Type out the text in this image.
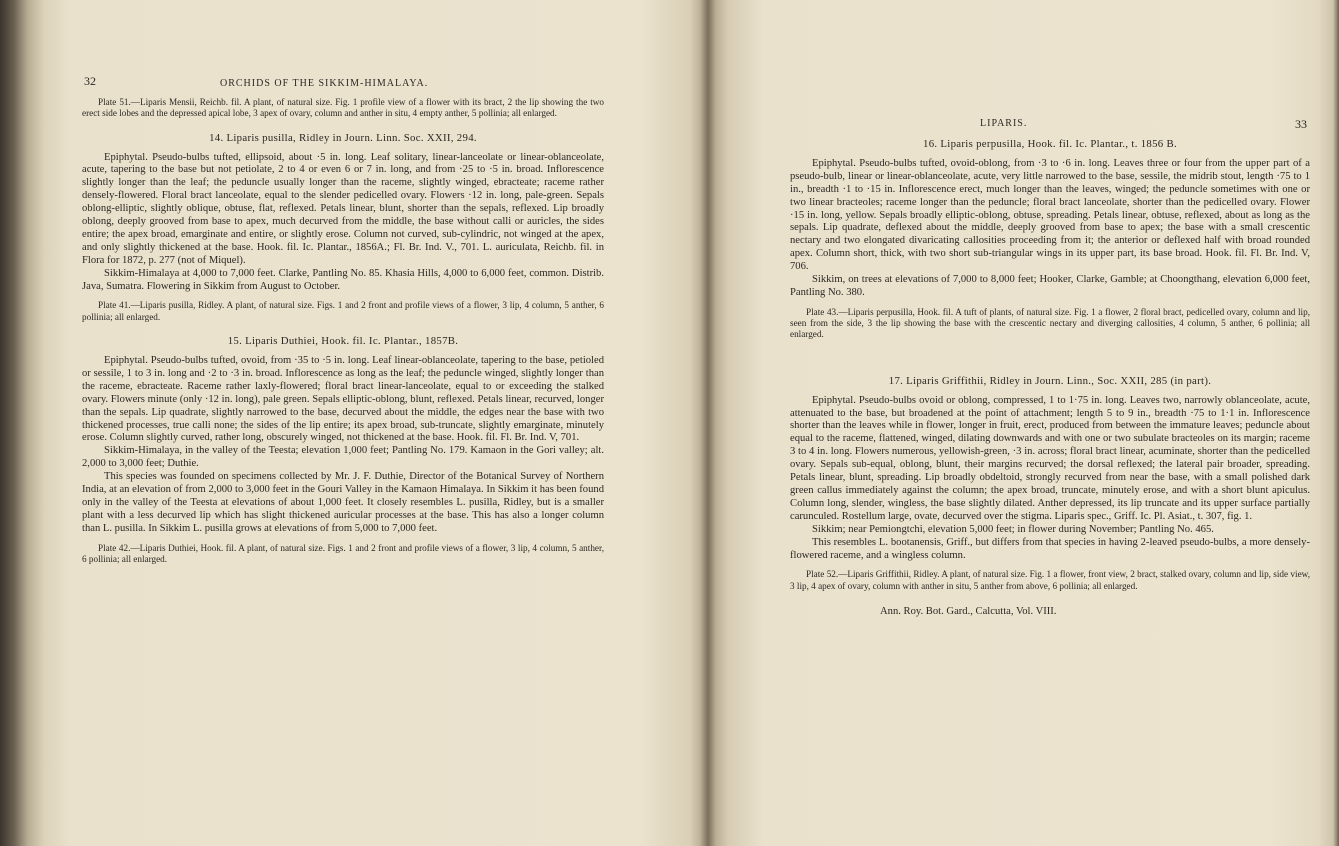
32	ORCHIDS OF THE SIKKIM-HIMALAYA.

Plate 51.—Liparis Mensii, Reichb. fil. A plant, of natural size. Fig. 1 profile view of a flower with its bract, 2 the lip showing the two erect side lobes and the depressed apical lobe, 3 apex of ovary, column and anther in situ, 4 empty anther, 5 pollinia; all enlarged.

14. Liparis pusilla, Ridley in Journ. Linn. Soc. XXII, 294.

Epiphytal. Pseudo-bulbs tufted, ellipsoid, about ·5 in. long. Leaf solitary, linear-lanceolate or linear-oblanceolate, acute, tapering to the base but not petiolate, 2 to 4 or even 6 or 7 in. long, and from ·25 to ·5 in. broad. Inflorescence slightly longer than the leaf; the peduncle usually longer than the raceme, slightly winged, ebracteate; raceme rather densely-flowered. Floral bract lanceolate, equal to the slender pedicelled ovary. Flowers ·12 in. long, pale-green. Sepals oblong-elliptic, slightly oblique, obtuse, flat, reflexed. Petals linear, blunt, shorter than the sepals, reflexed. Lip broadly oblong, deeply grooved from base to apex, much decurved from the middle, the base without calli or auricles, the sides entire; the apex broad, emarginate and entire, or slightly erose. Column not curved, sub-cylindric, not winged at the apex, and only slightly thickened at the base. Hook. fil. Ic. Plantar., 1856A.; Fl. Br. Ind. V., 701. L. auriculata, Reichb. fil. in Flora for 1872, p. 277 (not of Miquel).

Sikkim-Himalaya at 4,000 to 7,000 feet. Clarke, Pantling No. 85. Khasia Hills, 4,000 to 6,000 feet, common. Distrib. Java, Sumatra. Flowering in Sikkim from August to October.

Plate 41.—Liparis pusilla, Ridley. A plant, of natural size. Figs. 1 and 2 front and profile views of a flower, 3 lip, 4 column, 5 anther, 6 pollinia; all enlarged.

15. Liparis Duthiei, Hook. fil. Ic. Plantar., 1857B.

Epiphytal. Pseudo-bulbs tufted, ovoid, from ·35 to ·5 in. long. Leaf linear-oblanceolate, tapering to the base, petioled or sessile, 1 to 3 in. long and ·2 to ·3 in. broad. Inflorescence as long as the leaf; the peduncle winged, slightly longer than the raceme, ebracteate. Raceme rather laxly-flowered; floral bract linear-lanceolate, equal to or exceeding the stalked ovary. Flowers minute (only ·12 in. long), pale green. Sepals elliptic-oblong, blunt, reflexed. Petals linear, recurved, longer than the sepals. Lip quadrate, slightly narrowed to the base, decurved about the middle, the edges near the base with two thickened processes, true calli none; the sides of the lip entire; its apex broad, sub-truncate, slightly emarginate, minutely erose. Column slightly curved, rather long, obscurely winged, not thickened at the base. Hook. fil. Fl. Br. Ind. V, 701.

Sikkim-Himalaya, in the valley of the Teesta; elevation 1,000 feet; Pantling No. 179. Kamaon in the Gori valley; alt. 2,000 to 3,000 feet; Duthie.

This species was founded on specimens collected by Mr. J. F. Duthie, Director of the Botanical Survey of Northern India, at an elevation of from 2,000 to 3,000 feet in the Gouri Valley in the Kamaon Himalaya. In Sikkim it has been found only in the valley of the Teesta at elevations of about 1,000 feet. It closely resembles L. pusilla, Ridley, but is a smaller plant with a less decurved lip which has slight thickened auricular processes at the base. This has also a longer column than L. pusilla. In Sikkim L. pusilla grows at elevations of from 5,000 to 7,000 feet.

Plate 42.—Liparis Duthiei, Hook. fil. A plant, of natural size. Figs. 1 and 2 front and profile views of a flower, 3 lip, 4 column, 5 anther, 6 pollinia; all enlarged.

LIPARIS.	33
16. Liparis perpusilla, Hook. fil. Ic. Plantar., t. 1856 B.

Epiphytal. Pseudo-bulbs tufted, ovoid-oblong, from ·3 to ·6 in. long. Leaves three or four from the upper part of a pseudo-bulb, linear or linear-oblanceolate, acute, very little narrowed to the base, sessile, the midrib stout, length ·75 to 1 in., breadth ·1 to ·15 in. Inflorescence erect, much longer than the leaves, winged; the peduncle sometimes with one or two linear bracteoles; raceme longer than the peduncle; floral bract lanceolate, shorter than the pedicelled ovary. Flower ·15 in. long, yellow. Sepals broadly elliptic-oblong, obtuse, spreading. Petals linear, obtuse, reflexed, about as long as the sepals. Lip quadrate, deflexed about the middle, deeply grooved from base to apex; the base with a small crescentic nectary and two elongated divaricating callosities proceeding from it; the anterior or deflexed half with broad rounded apex. Column short, thick, with two short sub-triangular wings in its upper part, its base broad. Hook. fil. Fl. Br. Ind. V, 706.

Sikkim, on trees at elevations of 7,000 to 8,000 feet; Hooker, Clarke, Gamble; at Choongthang, elevation 6,000 feet, Pantling No. 380.

Plate 43.—Liparis perpusilla, Hook. fil. A tuft of plants, of natural size. Fig. 1 a flower, 2 floral bract, pedicelled ovary, column and lip, seen from the side, 3 the lip showing the base with the crescentic nectary and diverging callosities, 4 column, 5 anther, 6 pollinia; all enlarged.

17. Liparis Griffithii, Ridley in Journ. Linn., Soc. XXII, 285 (in part).

Epiphytal. Pseudo-bulbs ovoid or oblong, compressed, 1 to 1·75 in. long. Leaves two, narrowly oblanceolate, acute, attenuated to the base, but broadened at the point of attachment; length 5 to 9 in., breadth ·75 to 1·1 in. Inflorescence shorter than the leaves while in flower, longer in fruit, erect, produced from between the immature leaves; peduncle about equal to the raceme, flattened, winged, dilating downwards and with one or two subulate bracteoles on its margin; raceme 3 to 4 in. long. Flowers numerous, yellowish-green, ·3 in. across; floral bract linear, acuminate, shorter than the pedicelled ovary. Sepals sub-equal, oblong, blunt, their margins recurved; the dorsal reflexed; the lateral pair broader, spreading. Petals linear, blunt, spreading. Lip broadly obdeltoid, strongly recurved from near the base, with a small polished dark green callus immediately against the column; the apex broad, truncate, minutely erose, and with a short blunt apiculus. Column long, slender, wingless, the base slightly dilated. Anther depressed, its lip truncate and its upper surface partially carunculed. Rostellum large, ovate, decurved over the stigma. Liparis spec., Griff. Ic. Pl. Asiat., t. 307, fig. 1.

Sikkim; near Pemiongtchi, elevation 5,000 feet; in flower during November; Pantling No. 465.

This resembles L. bootanensis, Griff., but differs from that species in having 2-leaved pseudo-bulbs, a more densely-flowered raceme, and a wingless column.

Plate 52.—Liparis Griffithii, Ridley. A plant, of natural size. Fig. 1 a flower, front view, 2 bract, stalked ovary, column and lip, side view, 3 lip, 4 apex of ovary, column with anther in situ, 5 anther from above, 6 pollinia; all enlarged.

Ann. Roy. Bot. Gard., Calcutta, Vol. VIII.
